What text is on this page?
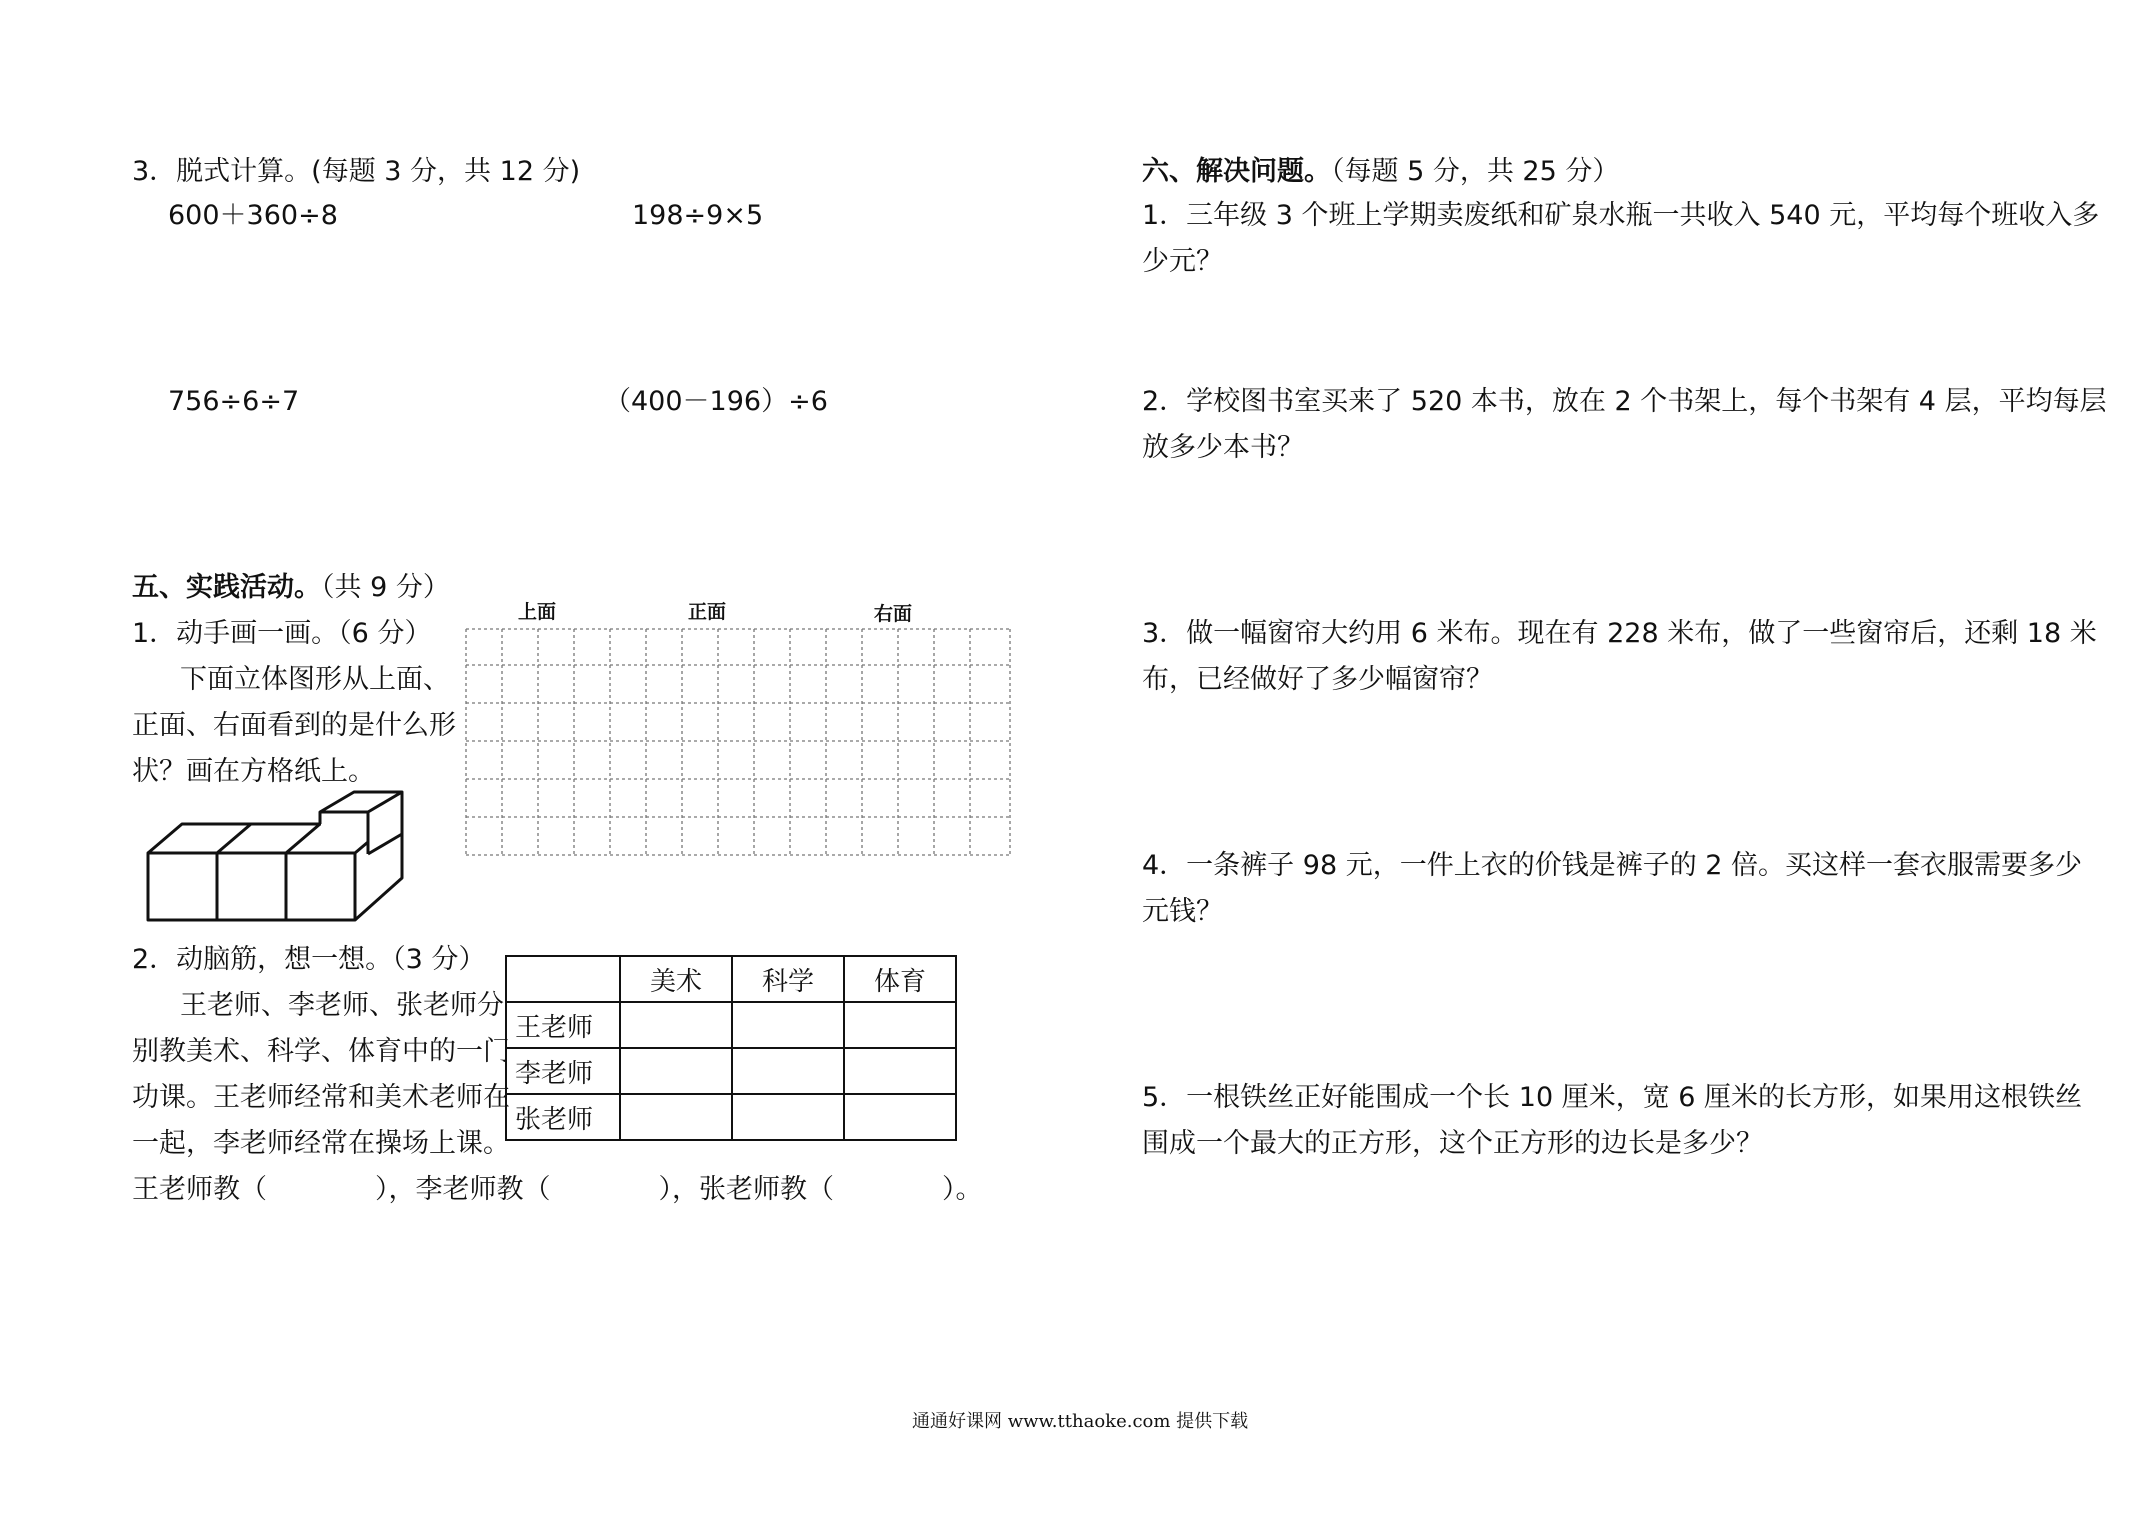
3．脱式计算。(每题 3 分，共 12 分)
600＋360÷8	198÷9×5
756÷6÷7	（400－196）÷6
五、实践活动。（共 9 分）
1．动手画一画。（6 分）
下面立体图形从上面、
正面、右面看到的是什么形
状？画在方格纸上。
上面	正面	右面
2．动脑筋，想一想。（3 分）
王老师、李老师、张老师分
别教美术、科学、体育中的一门
功课。王老师经常和美术老师在
一起，李老师经常在操场上课。
	美术	科学	体育
王老师			
李老师			
张老师			
王老师教（　　　　），李老师教（　　　　），张老师教（　　　　）。
六、解决问题。（每题 5 分，共 25 分）
1．三年级 3 个班上学期卖废纸和矿泉水瓶一共收入 540 元，平均每个班收入多
少元？
2．学校图书室买来了 520 本书，放在 2 个书架上，每个书架有 4 层，平均每层
放多少本书？
3．做一幅窗帘大约用 6 米布。现在有 228 米布，做了一些窗帘后，还剩 18 米
布，已经做好了多少幅窗帘？
4．一条裤子 98 元，一件上衣的价钱是裤子的 2 倍。买这样一套衣服需要多少
元钱？
5．一根铁丝正好能围成一个长 10 厘米，宽 6 厘米的长方形，如果用这根铁丝
围成一个最大的正方形，这个正方形的边长是多少？
通通好课网 www.tthaoke.com 提供下载
